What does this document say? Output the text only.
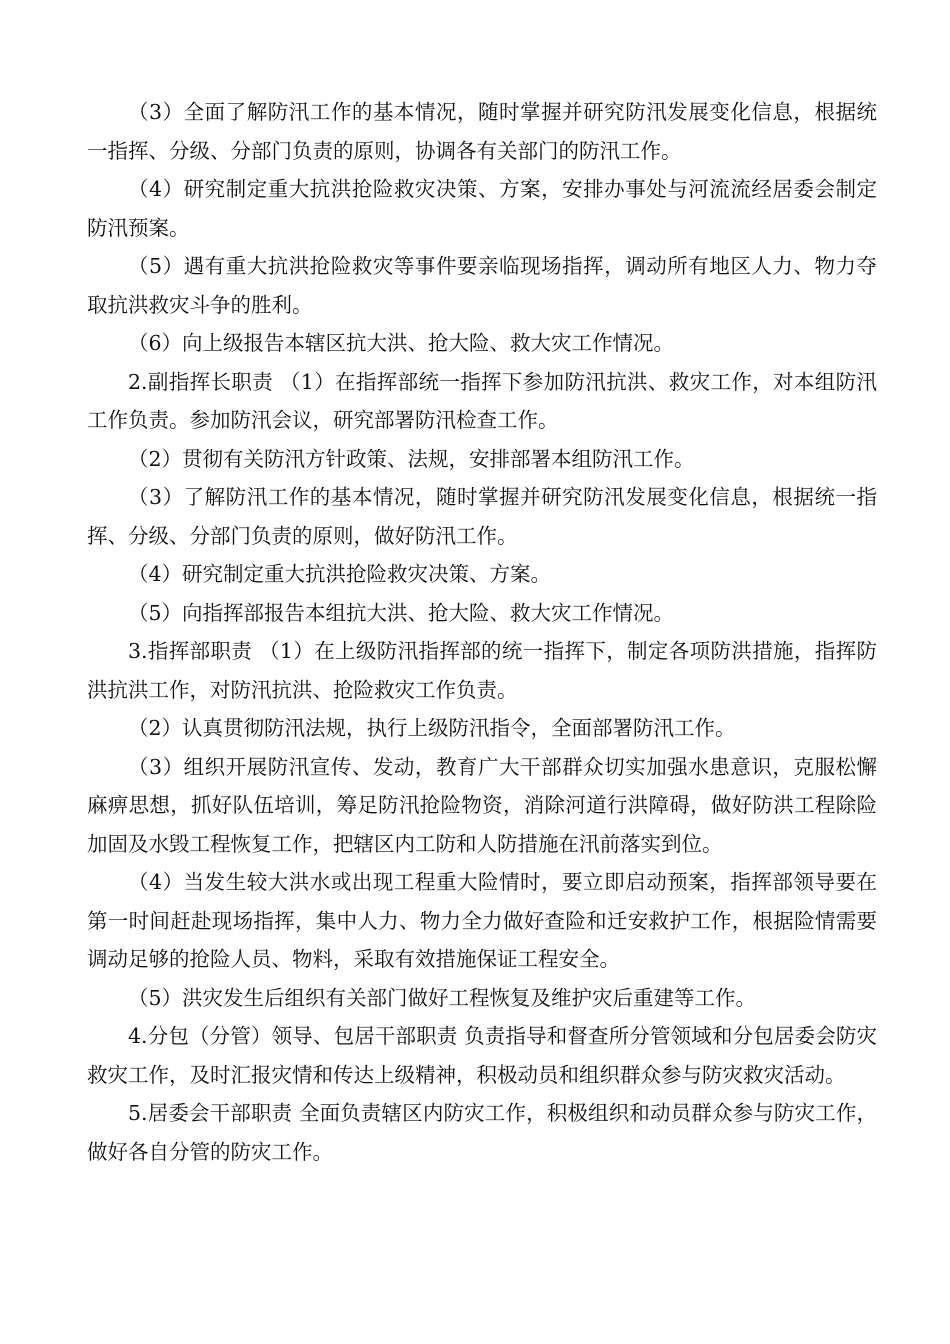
（3）全面了解防汛工作的基本情况，随时掌握并研究防汛发展变化信息，根据统一指挥、分级、分部门负责的原则，协调各有关部门的防汛工作。

（4）研究制定重大抗洪抢险救灾决策、方案，安排办事处与河流流经居委会制定防汛预案。

（5）遇有重大抗洪抢险救灾等事件要亲临现场指挥，调动所有地区人力、物力夺取抗洪救灾斗争的胜利。

（6）向上级报告本辖区抗大洪、抢大险、救大灾工作情况。

2.副指挥长职责 （1）在指挥部统一指挥下参加防汛抗洪、救灾工作，对本组防汛工作负责。参加防汛会议，研究部署防汛检查工作。

（2）贯彻有关防汛方针政策、法规，安排部署本组防汛工作。

（3）了解防汛工作的基本情况，随时掌握并研究防汛发展变化信息，根据统一指挥、分级、分部门负责的原则，做好防汛工作。

（4）研究制定重大抗洪抢险救灾决策、方案。

（5）向指挥部报告本组抗大洪、抢大险、救大灾工作情况。

3.指挥部职责 （1）在上级防汛指挥部的统一指挥下，制定各项防洪措施，指挥防洪抗洪工作，对防汛抗洪、抢险救灾工作负责。

（2）认真贯彻防汛法规，执行上级防汛指令，全面部署防汛工作。

（3）组织开展防汛宣传、发动，教育广大干部群众切实加强水患意识，克服松懈麻痹思想，抓好队伍培训，筹足防汛抢险物资，消除河道行洪障碍，做好防洪工程除险加固及水毁工程恢复工作，把辖区内工防和人防措施在汛前落实到位。

（4）当发生较大洪水或出现工程重大险情时，要立即启动预案，指挥部领导要在第一时间赶赴现场指挥，集中人力、物力全力做好查险和迁安救护工作，根据险情需要调动足够的抢险人员、物料，采取有效措施保证工程安全。

（5）洪灾发生后组织有关部门做好工程恢复及维护灾后重建等工作。

4.分包（分管）领导、包居干部职责 负责指导和督查所分管领域和分包居委会防灾救灾工作，及时汇报灾情和传达上级精神，积极动员和组织群众参与防灾救灾活动。

5.居委会干部职责 全面负责辖区内防灾工作，积极组织和动员群众参与防灾工作，做好各自分管的防灾工作。
